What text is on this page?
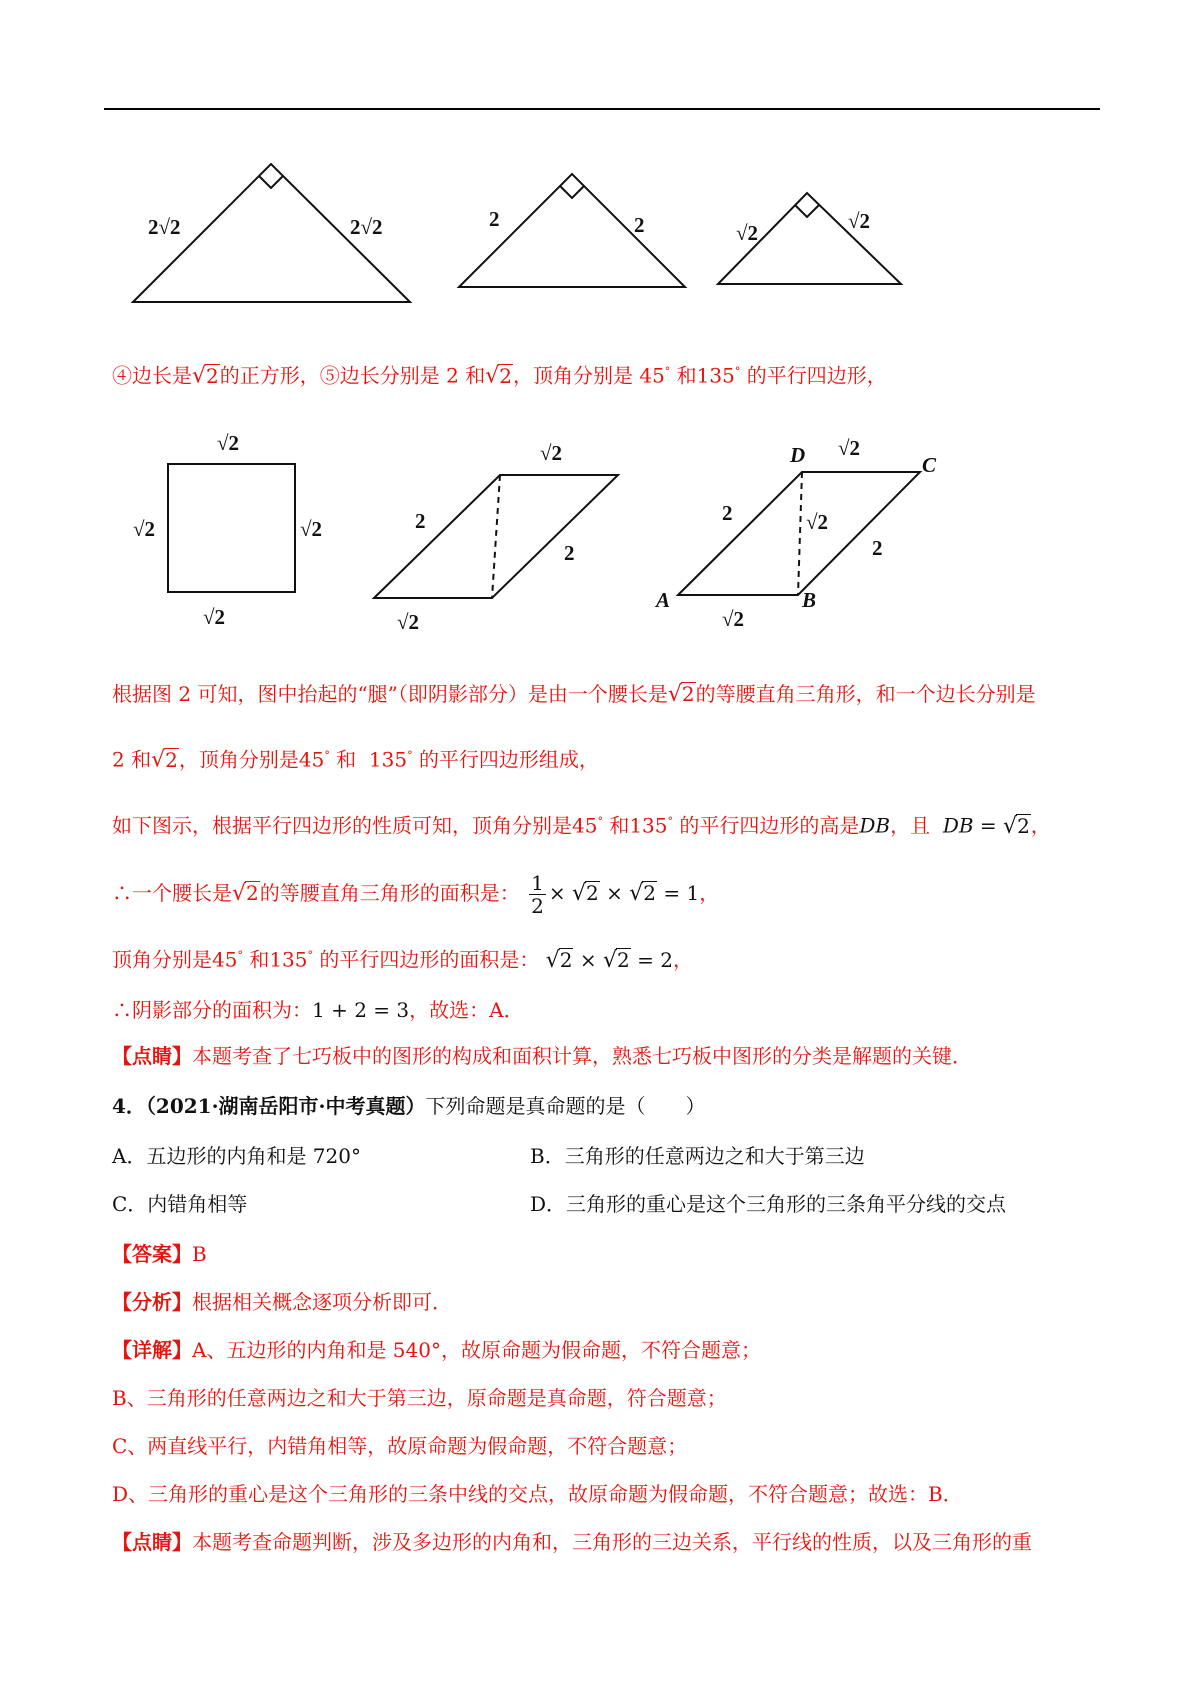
2√2	2√2	2	2	√2	√2
④边长是√2的正方形，⑤边长分别是 2 和√2，顶角分别是 45° 和135° 的平行四边形，
√2
√2	√2
√2
√2
2
2
√2
√2
2	√2
2
√2
A	B
C
D
根据图 2 可知，图中抬起的“腿”（即阴影部分）是由一个腰长是√2的等腰直角三角形，和一个边长分别是
2 和√2，顶角分别是45° 和 135° 的平行四边形组成，
如下图示，根据平行四边形的性质可知，顶角分别是45° 和135° 的平行四边形的高是DB，且 DB = √2，
∴一个腰长是√2的等腰直角三角形的面积是： $\frac{1}{2} \times √2 \times √2 = 1$，
顶角分别是45° 和135° 的平行四边形的面积是： √2 × √2 = 2，
∴阴影部分的面积为：1 + 2 = 3，故选：A．
【点睛】本题考查了七巧板中的图形的构成和面积计算，熟悉七巧板中图形的分类是解题的关键．
4．（2021·湖南岳阳市·中考真题）下列命题是真命题的是（　　）
A．五边形的内角和是 720°	B．三角形的任意两边之和大于第三边
C．内错角相等	D．三角形的重心是这个三角形的三条角平分线的交点
【答案】B
【分析】根据相关概念逐项分析即可．
【详解】A、五边形的内角和是 540°，故原命题为假命题，不符合题意；
B、三角形的任意两边之和大于第三边，原命题是真命题，符合题意；
C、两直线平行，内错角相等，故原命题为假命题，不符合题意；
D、三角形的重心是这个三角形的三条中线的交点，故原命题为假命题，不符合题意；故选：B．
【点睛】本题考查命题判断，涉及多边形的内角和，三角形的三边关系，平行线的性质，以及三角形的重
